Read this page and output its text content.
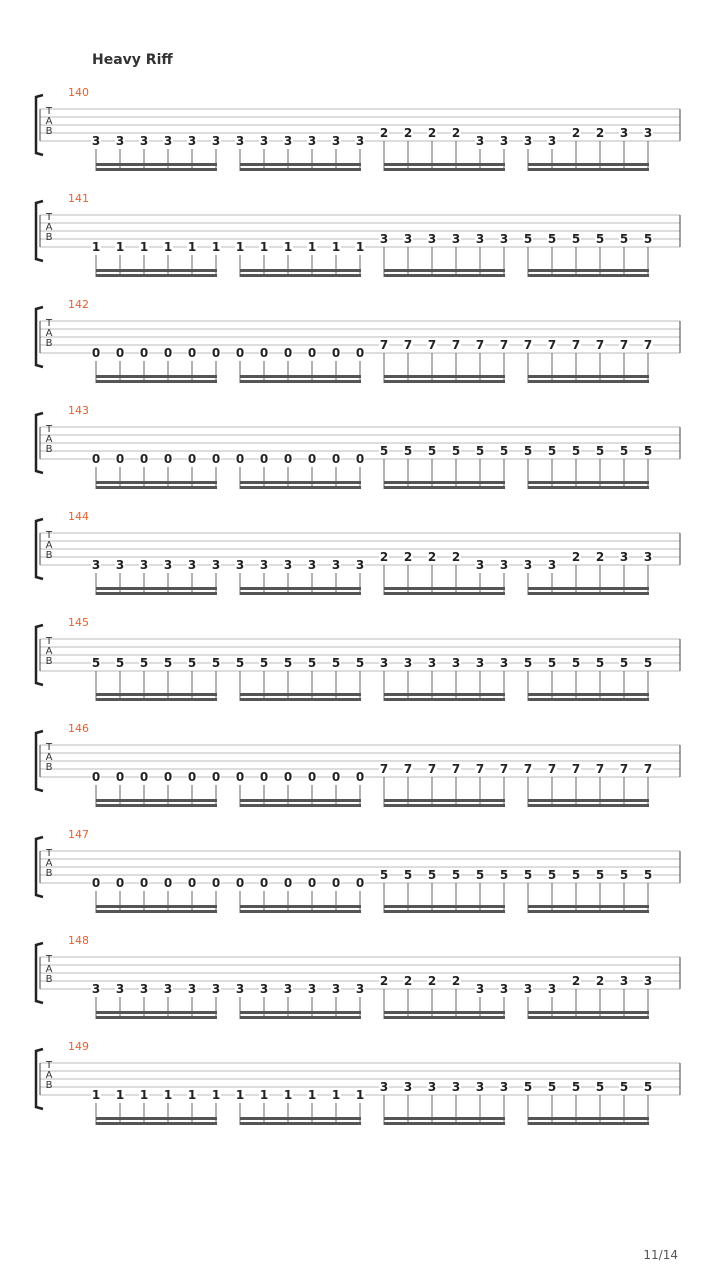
Heavy Riff
T
A
B
140
3 3 3 3 3 3 3 3 3 3 3 3
2 2 2 2
3 3 3 3
2 2 3 3
T
A
B
141
1 1 1 1 1 1 1 1 1 1 1 1
3 3 3 3 3 3 5 5 5 5 5 5
T
A
B
142
0 0 0 0 0 0 0 0 0 0 0 0
7 7 7 7 7 7 7 7 7 7 7 7
T
A
B
143
0 0 0 0 0 0 0 0 0 0 0 0
5 5 5 5 5 5 5 5 5 5 5 5
T
A
B
144
3 3 3 3 3 3 3 3 3 3 3 3
2 2 2 2
3 3 3 3
2 2 3 3
T
A
B
145
5 5 5 5 5 5 5 5 5 5 5 5 3 3 3 3 3 3 5 5 5 5 5 5
T
A
B
146
0 0 0 0 0 0 0 0 0 0 0 0
7 7 7 7 7 7 7 7 7 7 7 7
T
A
B
147
0 0 0 0 0 0 0 0 0 0 0 0
5 5 5 5 5 5 5 5 5 5 5 5
T
A
B
148
3 3 3 3 3 3 3 3 3 3 3 3
2 2 2 2
3 3 3 3
2 2 3 3
T
A
B
149
1 1 1 1 1 1 1 1 1 1 1 1
3 3 3 3 3 3 5 5 5 5 5 5
11/14
